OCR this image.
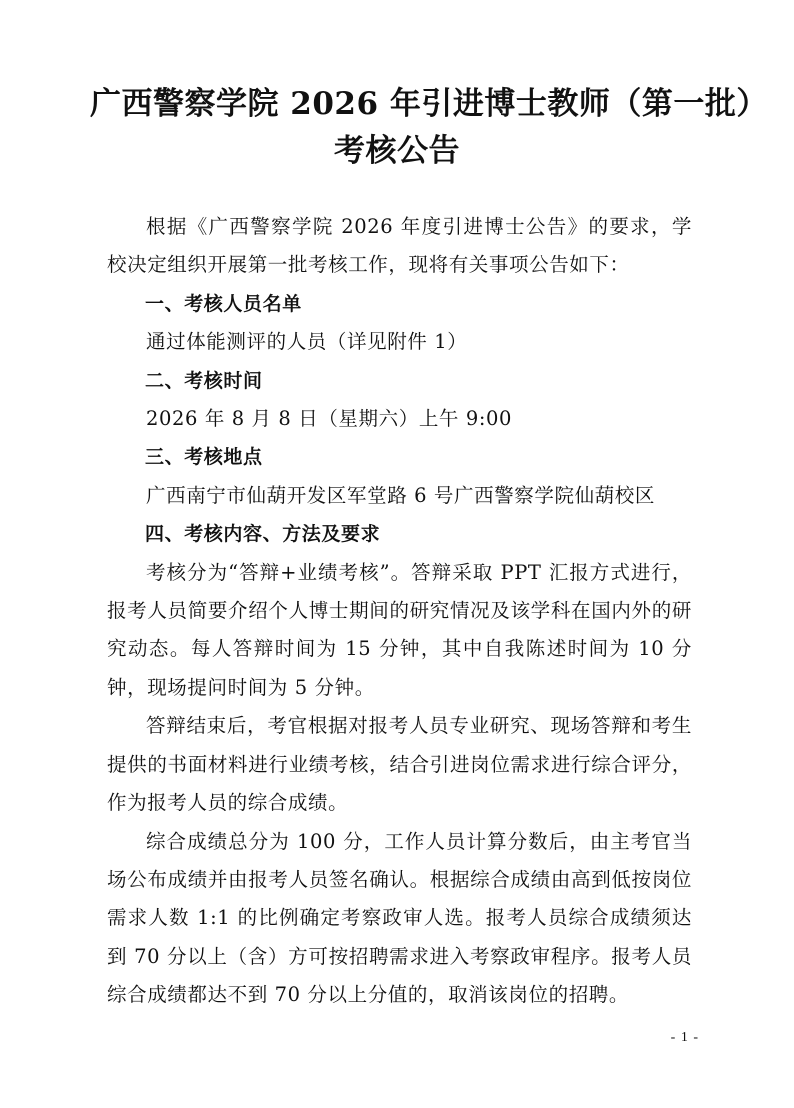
广西警察学院 2026 年引进博士教师（第一批）
考核公告

根据《广西警察学院 2026 年度引进博士公告》的要求，学校决定组织开展第一批考核工作，现将有关事项公告如下：

一、考核人员名单

通过体能测评的人员（详见附件 1）

二、考核时间

2026 年 8 月 8 日（星期六）上午 9:00

三、考核地点

广西南宁市仙葫开发区军堂路 6 号广西警察学院仙葫校区

四、考核内容、方法及要求

考核分为“答辩+业绩考核”。答辩采取 PPT 汇报方式进行，报考人员简要介绍个人博士期间的研究情况及该学科在国内外的研究动态。每人答辩时间为 15 分钟，其中自我陈述时间为 10 分钟，现场提问时间为 5 分钟。

答辩结束后，考官根据对报考人员专业研究、现场答辩和考生提供的书面材料进行业绩考核，结合引进岗位需求进行综合评分，作为报考人员的综合成绩。

综合成绩总分为 100 分，工作人员计算分数后，由主考官当场公布成绩并由报考人员签名确认。根据综合成绩由高到低按岗位需求人数 1:1 的比例确定考察政审人选。报考人员综合成绩须达到 70 分以上（含）方可按招聘需求进入考察政审程序。报考人员综合成绩都达不到 70 分以上分值的，取消该岗位的招聘。

- 1 -
